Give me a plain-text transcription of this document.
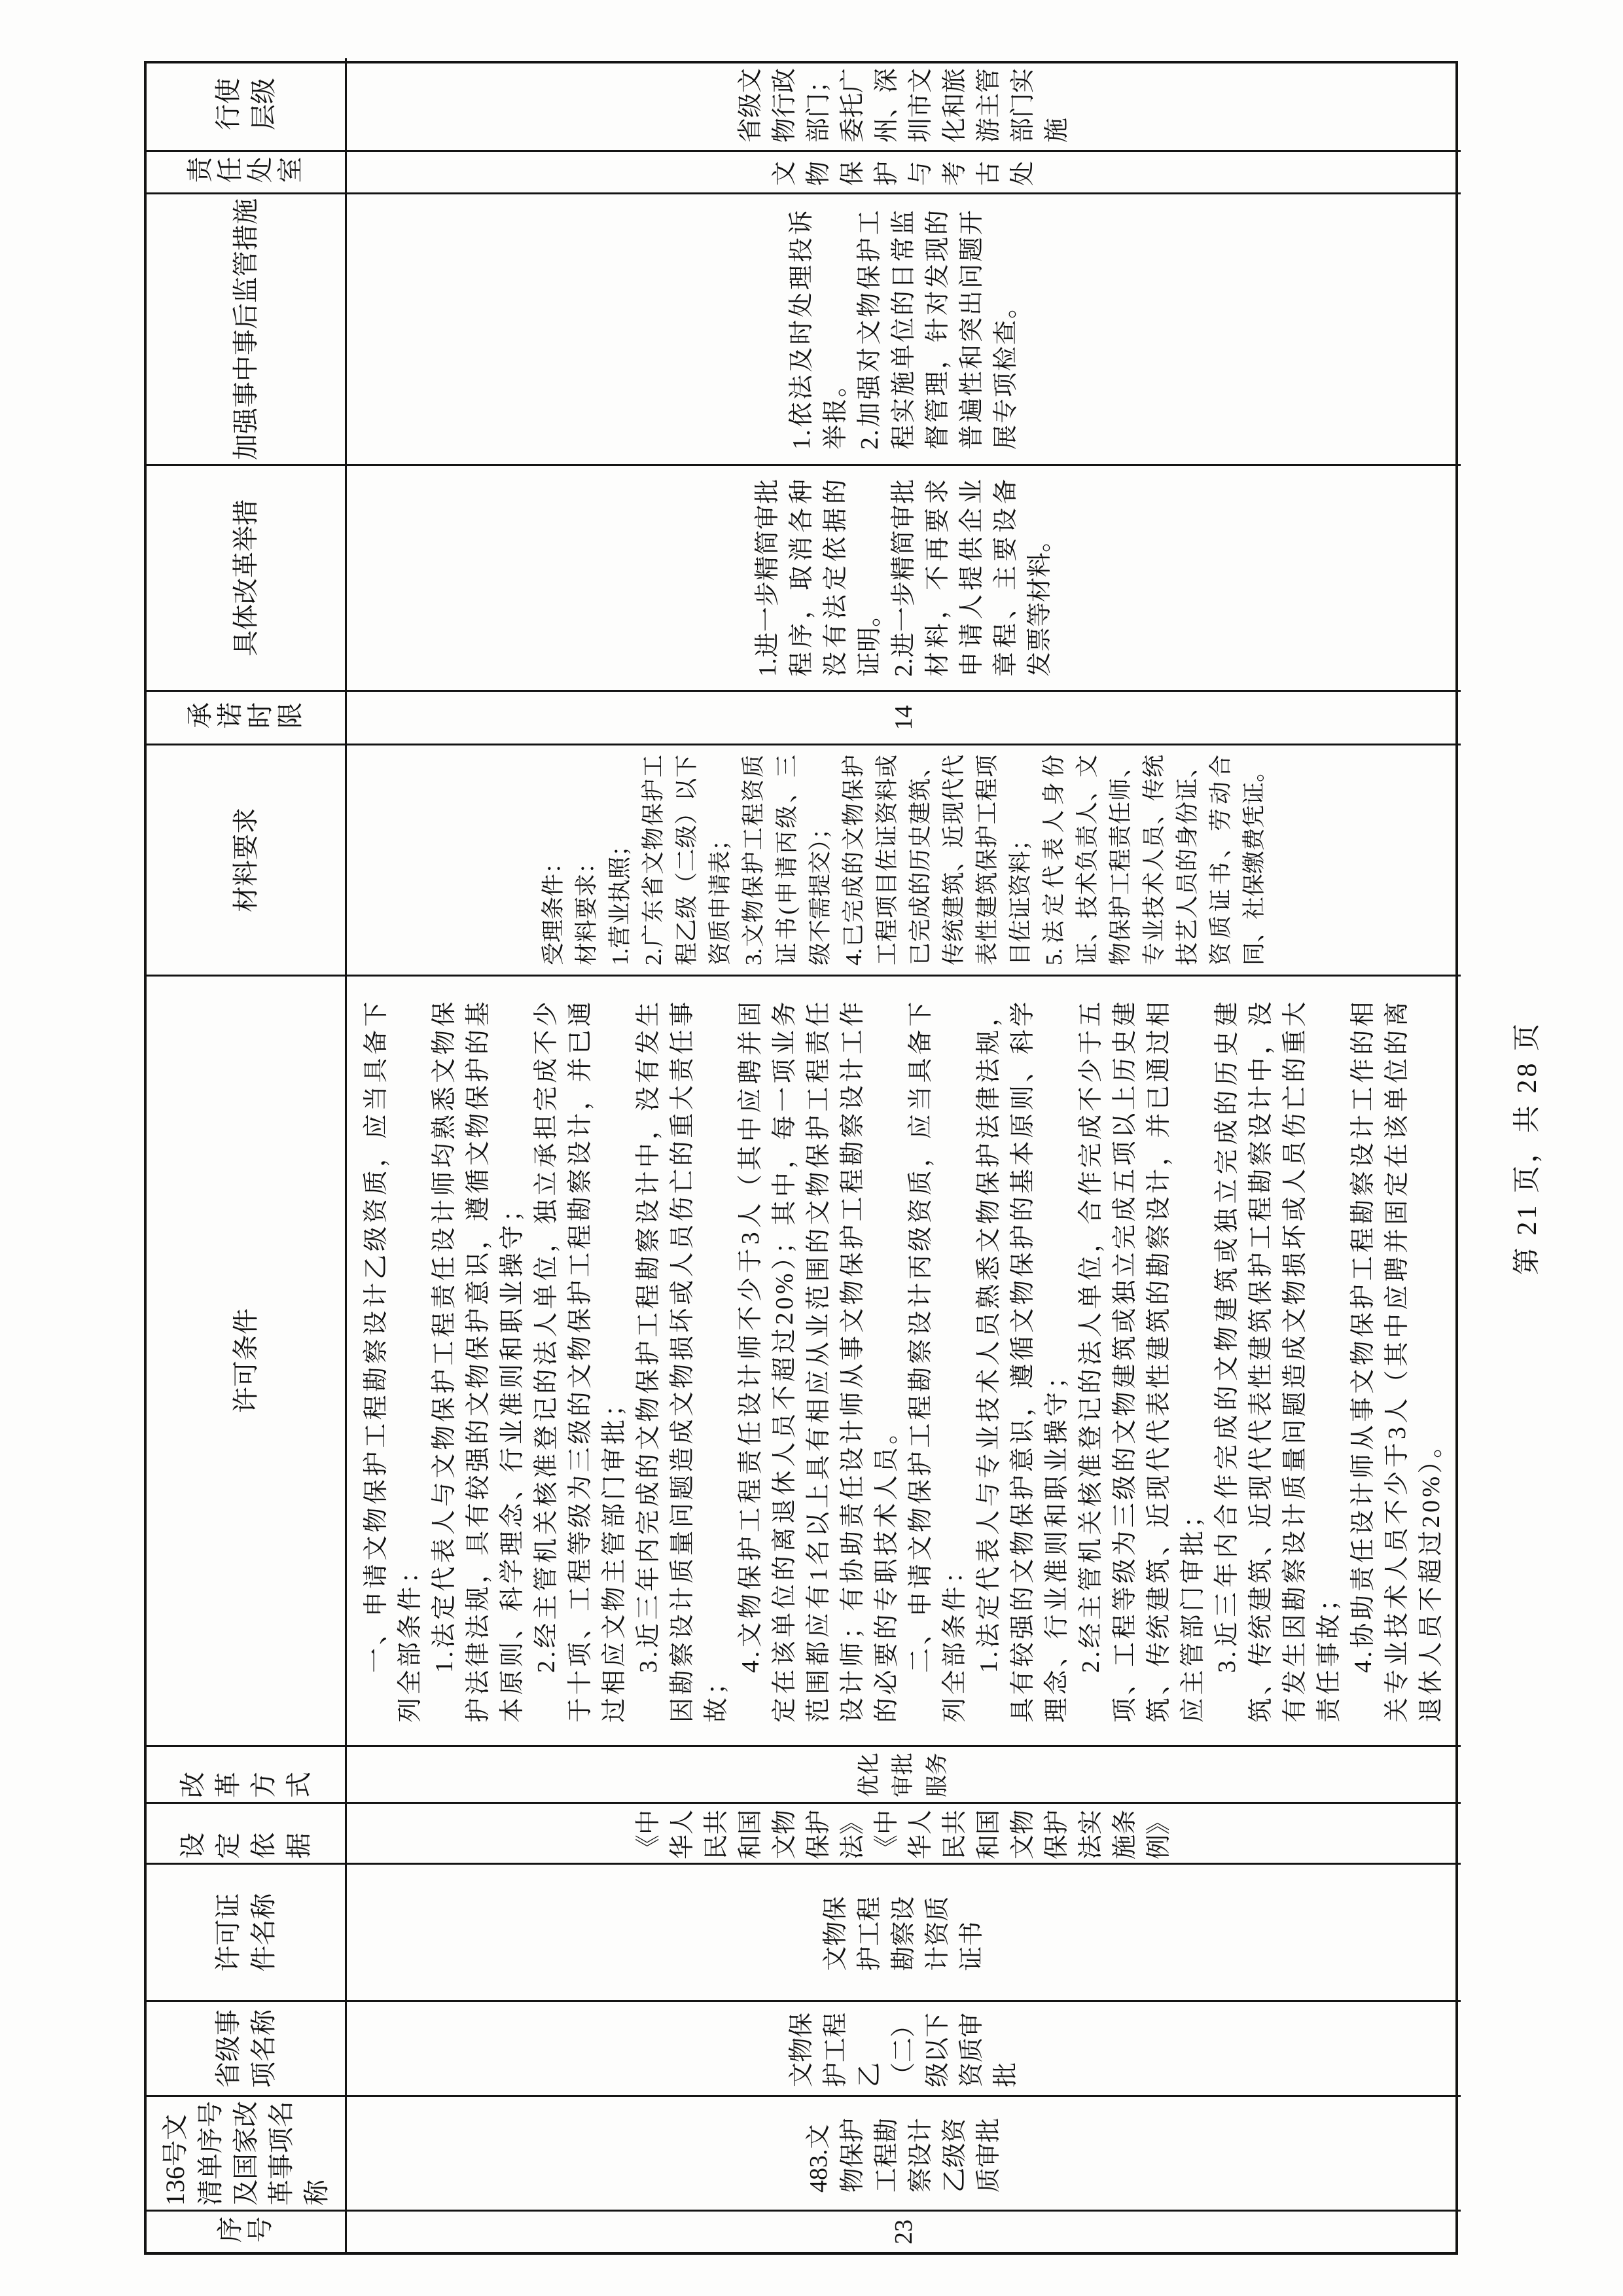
序号
136号文清单序号及国家改革事项名称
省级事项名称
许可证件名称
设定依据
改革方式
许可条件
材料要求
承诺时限
具体改革举措
加强事中事后监管措施
责任处室
行使层级
23
483.文物保护工程勘察设计乙级资质审批
文物保护工程乙（二）级以下资质审批
文物保护工程勘察设计资质证书
《中华人民共和国文物保护法》《中华人民共和国文物保护法实施条例》
优化审批服务

一、申请文物保护工程勘察设计乙级资质，应当具备下列全部条件： 1.法定代表人与文物保护工程责任设计师均熟悉文物保护法律法规，具有较强的文物保护意识，遵循文物保护的基本原则、科学理念、行业准则和职业操守； 2.经主管机关核准登记的法人单位，独立承担完成不少于十项、工程等级为三级的文物保护工程勘察设计，并已通过相应文物主管部门审批； 3.近三年内完成的文物保护工程勘察设计中，没有发生因勘察设计质量问题造成文物损坏或人员伤亡的重大责任事故；

4.文物保护工程责任设计师不少于3人（其中应聘并固定在该单位的离退休人员不超过20%）；其中，每一项业务范围都应有1名以上具有相应从业范围的文物保护工程责任设计师；有协助责任设计师从事文物保护工程勘察设计工作的必要的专职技术人员。 二、申请文物保护工程勘察设计丙级资质，应当具备下列全部条件： 1.法定代表人与专业技术人员熟悉文物保护法律法规，具有较强的文物保护意识，遵循文物保护的基本原则、科学理念、行业准则和职业操守； 2.经主管机关核准登记的法人单位，合作完成不少于五项、工程等级为三级的文物建筑或独立完成五项以上历史建筑、传统建筑、近现代代表性建筑的勘察设计，并已通过相应主管部门审批； 3.近三年内合作完成的文物建筑或独立完成的历史建筑、传统建筑、近现代代表性建筑保护工程勘察设计中，没有发生因勘察设计质量问题造成文物损坏或人员伤亡的重大责任事故； 4.协助责任设计师从事文物保护工程勘察设计工作的相关专业技术人员不少于3人（其中应聘并固定在该单位的离退休人员不超过20%）。

受理条件： 材料要求： 1.营业执照； 2.广东省文物保护工程乙级（二级）以下资质申请表； 3.文物保护工程资质证书(申请丙级、三级不需提交）； 4.已完成的文物保护工程项目佐证资料或已完成的历史建筑、传统建筑、近现代代表性建筑保护工程项目佐证资料； 5.法定代表人身份证、技术负责人、文物保护工程责任师、专业技术人员、传统技艺人员的身份证、资质证书、劳动合同、社保缴费凭证。

14

1.进一步精简审批程序，取消各种没有法定依据的证明。 2.进一步精简审批材料，不再要求申请人提供企业章程、主要设备发票等材料。

1.依法及时处理投诉举报。 2.加强对文物保护工程实施单位的日常监督管理，针对发现的普遍性和突出问题开展专项检查。

文物保护与考古处
省级文物行政部门；委托广州、深圳市文化和旅游主管部门实施
第 21 页，共 28 页
